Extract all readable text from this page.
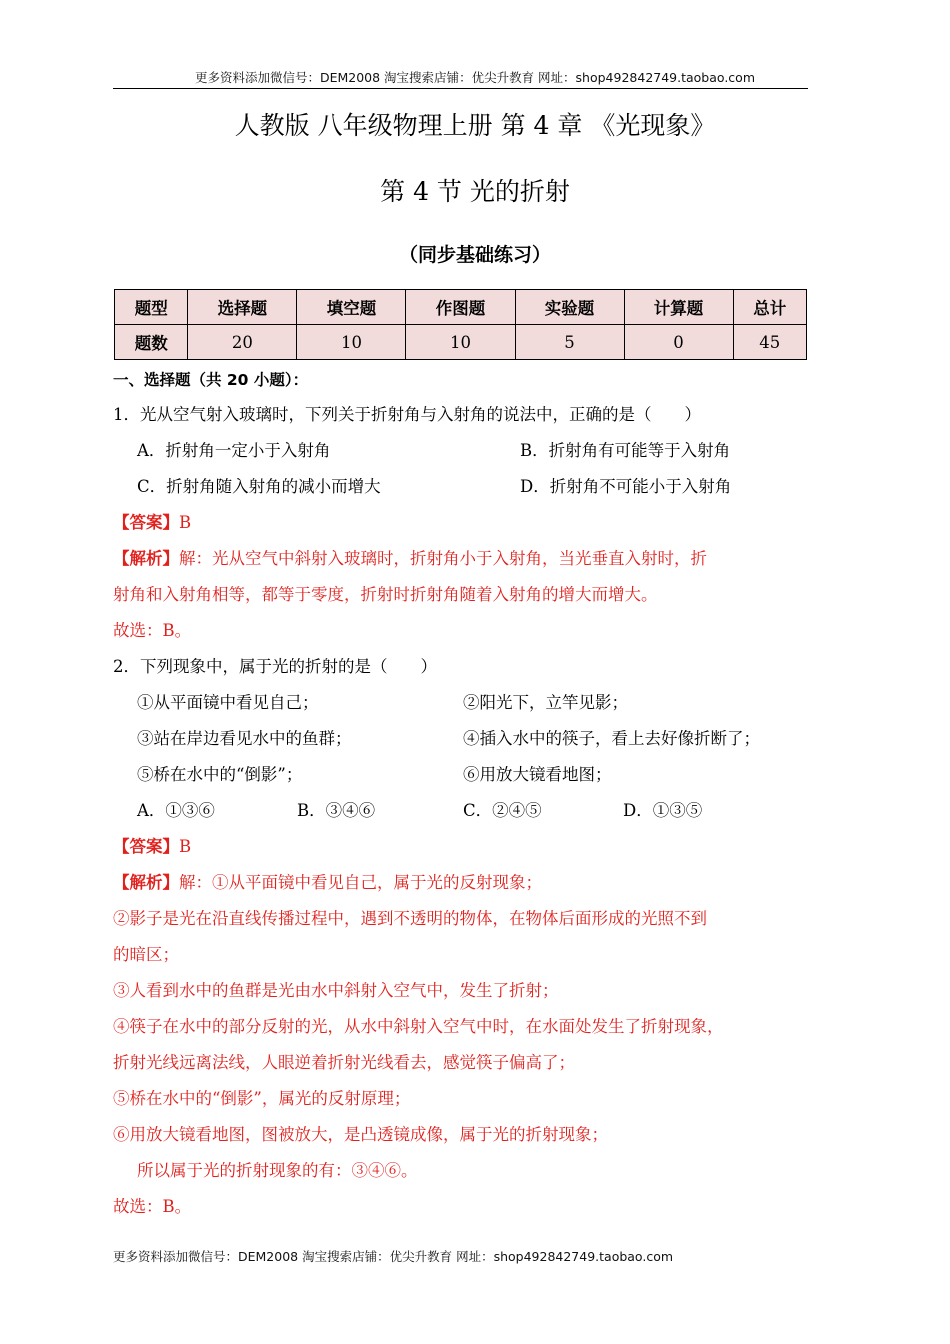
更多资料添加微信号：DEM2008 淘宝搜索店铺：优尖升教育 网址：shop492842749.taobao.com
人教版 八年级物理上册 第 4 章 《光现象》
第 4 节 光的折射
（同步基础练习）
题型	选择题	填空题	作图题	实验题	计算题	总计
题数	20	10	10	5	0	45
一、选择题（共 20 小题）：
1．光从空气射入玻璃时，下列关于折射角与入射角的说法中，正确的是（　　）
A．折射角一定小于入射角	B．折射角有可能等于入射角
C．折射角随入射角的减小而增大	D．折射角不可能小于入射角
【答案】B
【解析】解：光从空气中斜射入玻璃时，折射角小于入射角，当光垂直入射时，折
射角和入射角相等，都等于零度，折射时折射角随着入射角的增大而增大。
故选：B。
2．下列现象中，属于光的折射的是（　　）
①从平面镜中看见自己；	②阳光下，立竿见影；
③站在岸边看见水中的鱼群；	④插入水中的筷子，看上去好像折断了；
⑤桥在水中的“倒影”；	⑥用放大镜看地图；
A．①③⑥	B．③④⑥	C．②④⑤	D．①③⑤
【答案】B
【解析】解：①从平面镜中看见自己，属于光的反射现象；
②影子是光在沿直线传播过程中，遇到不透明的物体，在物体后面形成的光照不到
的暗区；
③人看到水中的鱼群是光由水中斜射入空气中，发生了折射；
④筷子在水中的部分反射的光，从水中斜射入空气中时，在水面处发生了折射现象，
折射光线远离法线，人眼逆着折射光线看去，感觉筷子偏高了；
⑤桥在水中的“倒影”，属光的反射原理；
⑥用放大镜看地图，图被放大，是凸透镜成像，属于光的折射现象；
所以属于光的折射现象的有：③④⑥。
故选：B。
更多资料添加微信号：DEM2008 淘宝搜索店铺：优尖升教育 网址：shop492842749.taobao.com
